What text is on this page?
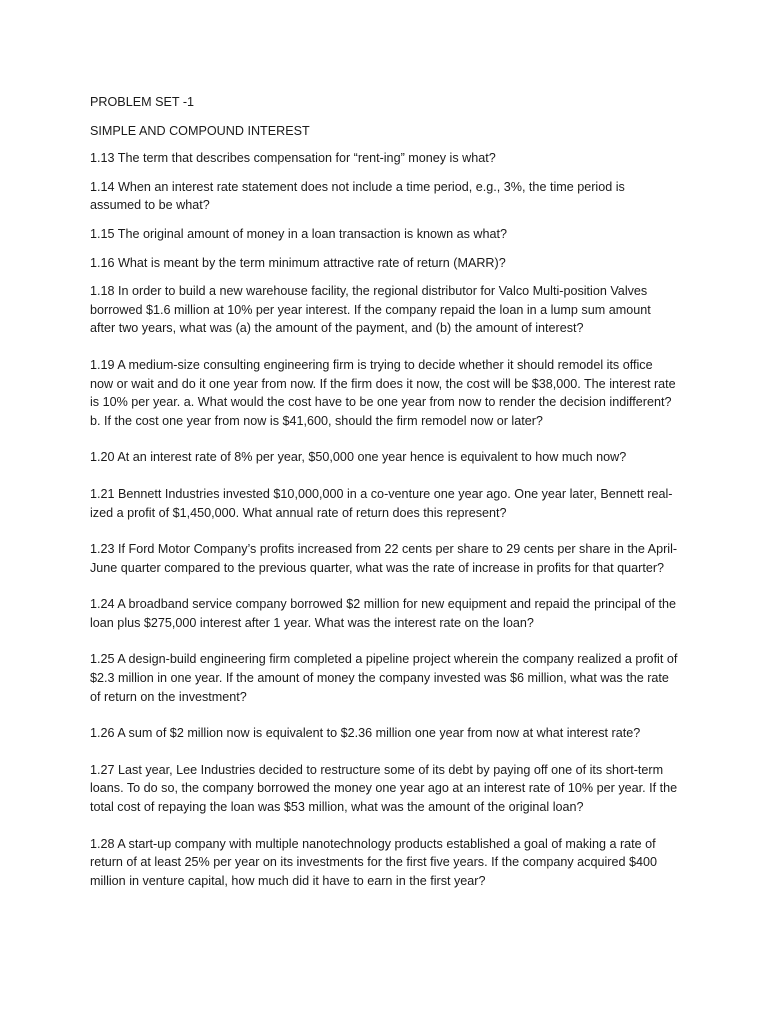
PROBLEM SET -1

SIMPLE AND COMPOUND INTEREST

1.13 The term that describes compensation for “rent-ing” money is what?

1.14 When an interest rate statement does not include a time period, e.g., 3%, the time period is assumed to be what?

1.15 The original amount of money in a loan transaction is known as what?

1.16 What is meant by the term minimum attractive rate of return (MARR)?

1.18 In order to build a new warehouse facility, the regional distributor for Valco Multi-position Valves borrowed $1.6 million at 10% per year interest. If the company repaid the loan in a lump sum amount after two years, what was (a) the amount of the payment, and (b) the amount of interest?

1.19 A medium-size consulting engineering firm is trying to decide whether it should remodel its office now or wait and do it one year from now. If the firm does it now, the cost will be $38,000. The interest rate is 10% per year. a. What would the cost have to be one year from now to render the decision indifferent? b. If the cost one year from now is $41,600, should the firm remodel now or later?

1.20 At an interest rate of 8% per year, $50,000 one year hence is equivalent to how much now?

1.21 Bennett Industries invested $10,000,000 in a co-venture one year ago. One year later, Bennett real-ized a profit of $1,450,000. What annual rate of return does this represent?

1.23 If Ford Motor Company’s profits increased from 22 cents per share to 29 cents per share in the April-June quarter compared to the previous quarter, what was the rate of increase in profits for that quarter?

1.24 A broadband service company borrowed $2 million for new equipment and repaid the principal of the loan plus $275,000 interest after 1 year. What was the interest rate on the loan?

1.25 A design-build engineering firm completed a pipeline project wherein the company realized a profit of $2.3 million in one year. If the amount of money the company invested was $6 million, what was the rate of return on the investment?

1.26 A sum of $2 million now is equivalent to $2.36 million one year from now at what interest rate?

1.27 Last year, Lee Industries decided to restructure some of its debt by paying off one of its short-term loans. To do so, the company borrowed the money one year ago at an interest rate of 10% per year. If the total cost of repaying the loan was $53 million, what was the amount of the original loan?

1.28 A start-up company with multiple nanotechnology products established a goal of making a rate of return of at least 25% per year on its investments for the first five years. If the company acquired $400 million in venture capital, how much did it have to earn in the first year?
